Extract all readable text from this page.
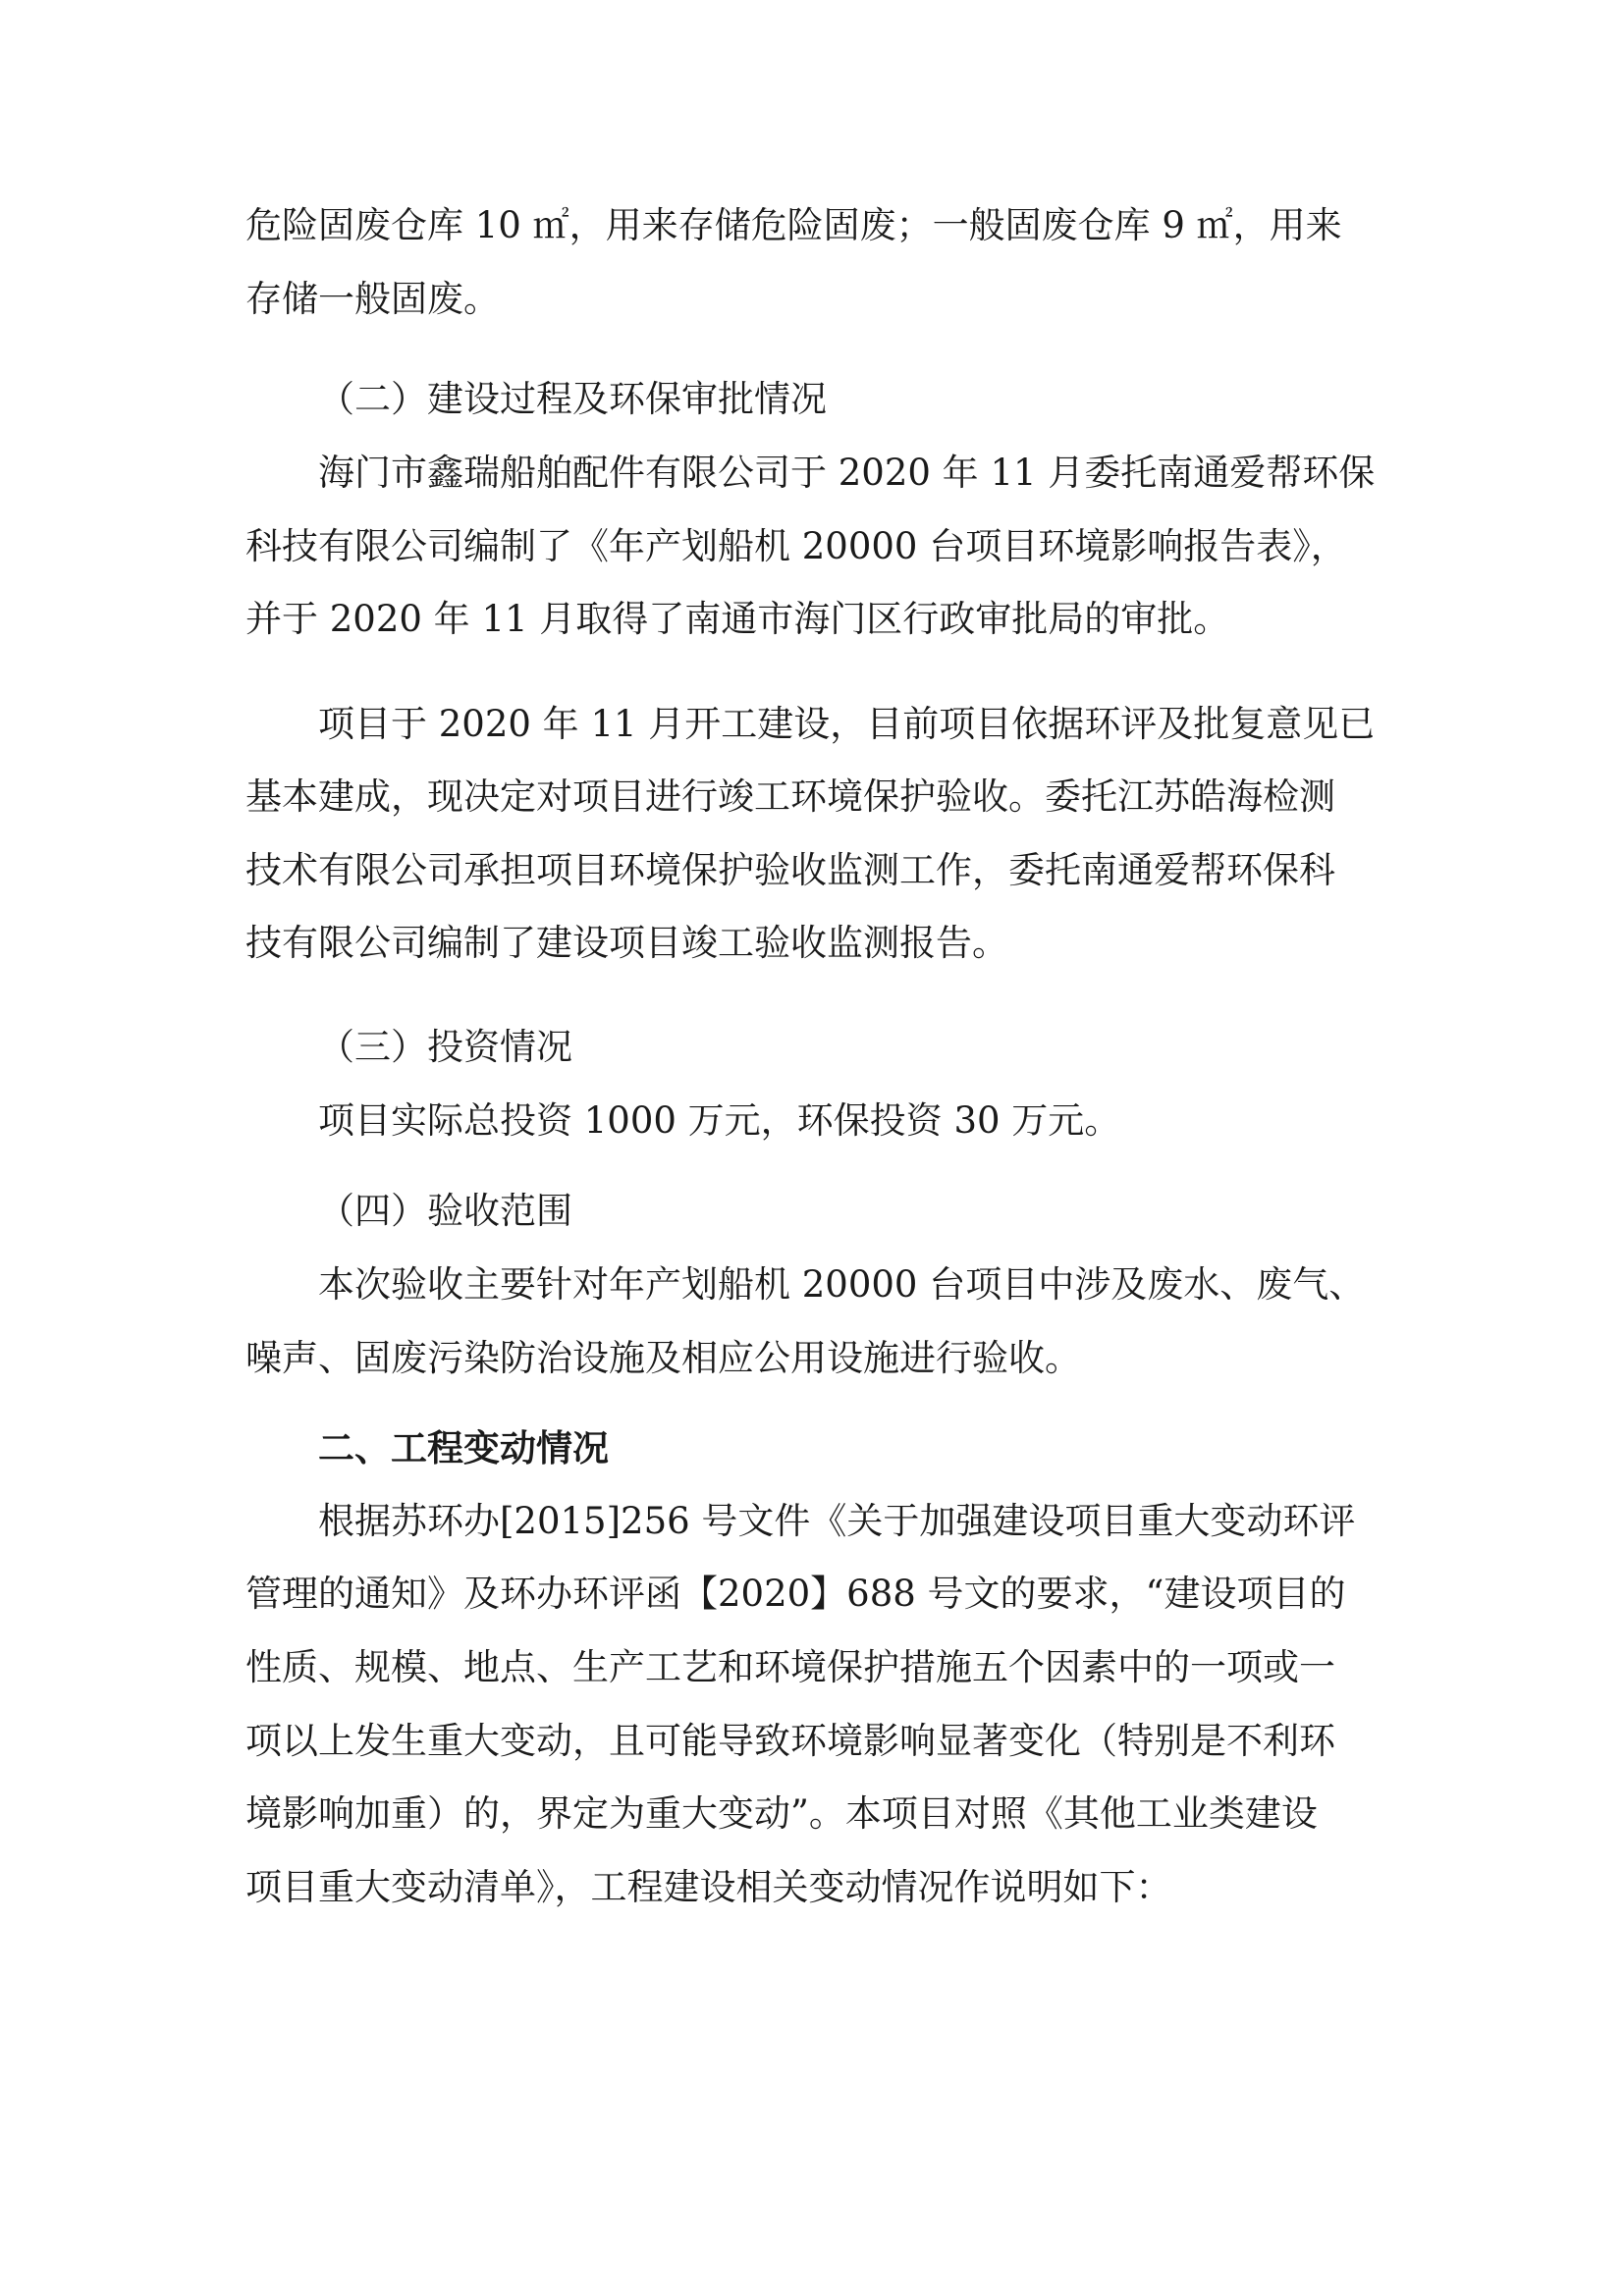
危险固废仓库 10 ㎡，用来存储危险固废；一般固废仓库 9 ㎡，用来
存储一般固废。
（二）建设过程及环保审批情况
海门市鑫瑞船舶配件有限公司于 2020 年 11 月委托南通爱帮环保
科技有限公司编制了《年产划船机 20000 台项目环境影响报告表》，
并于 2020 年 11 月取得了南通市海门区行政审批局的审批。
项目于 2020 年 11 月开工建设，目前项目依据环评及批复意见已
基本建成，现决定对项目进行竣工环境保护验收。委托江苏皓海检测
技术有限公司承担项目环境保护验收监测工作，委托南通爱帮环保科
技有限公司编制了建设项目竣工验收监测报告。
（三）投资情况
项目实际总投资 1000 万元，环保投资 30 万元。
（四）验收范围
本次验收主要针对年产划船机 20000 台项目中涉及废水、废气、
噪声、固废污染防治设施及相应公用设施进行验收。
二、工程变动情况
根据苏环办[2015]256 号文件《关于加强建设项目重大变动环评
管理的通知》及环办环评函【2020】688 号文的要求，“建设项目的
性质、规模、地点、生产工艺和环境保护措施五个因素中的一项或一
项以上发生重大变动，且可能导致环境影响显著变化（特别是不利环
境影响加重）的，界定为重大变动”。本项目对照《其他工业类建设
项目重大变动清单》，工程建设相关变动情况作说明如下：
